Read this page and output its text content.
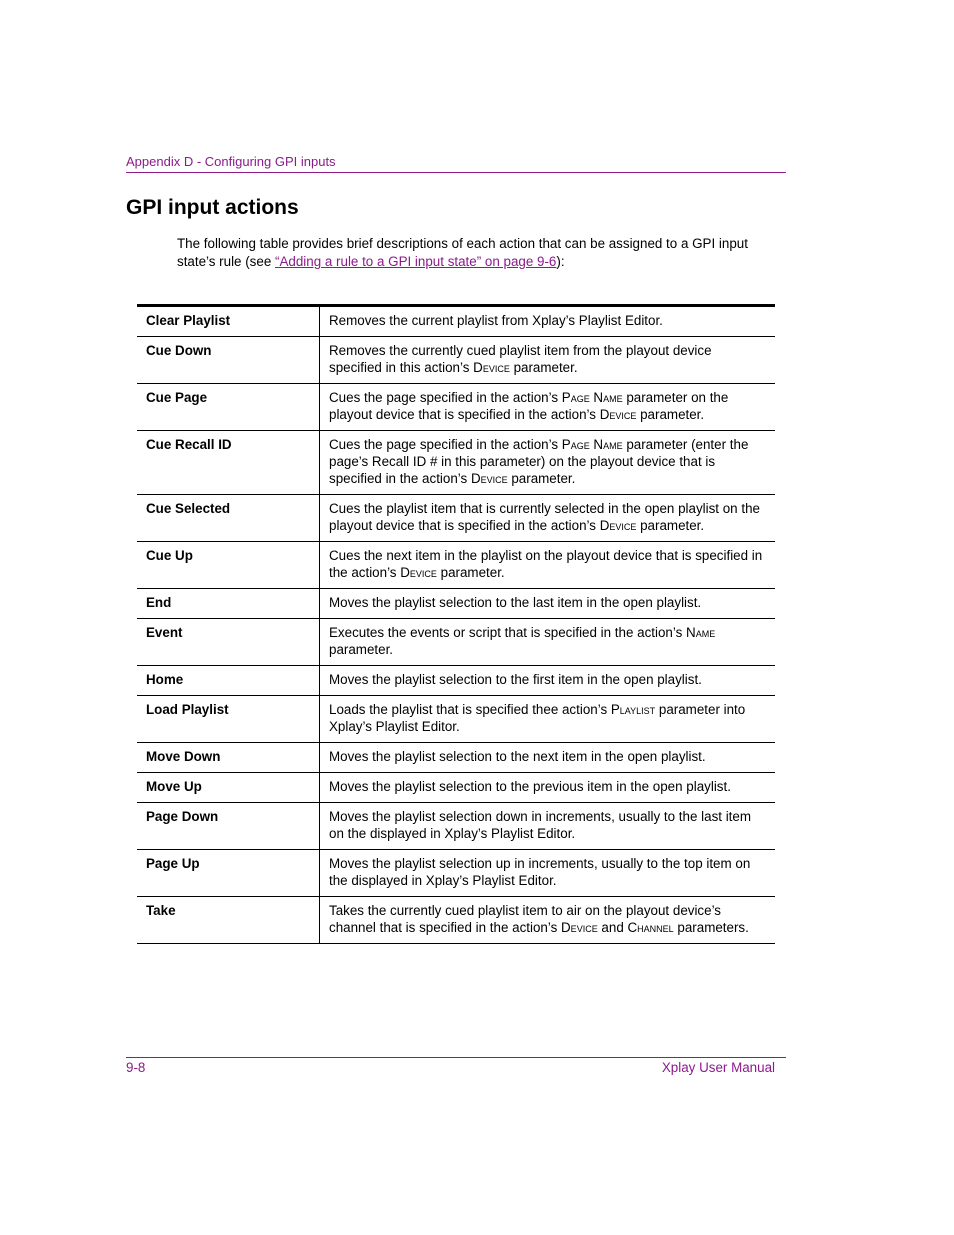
Appendix D - Configuring GPI inputs
GPI input actions

The following table provides brief descriptions of each action that can be assigned to a GPI input state’s rule (see “Adding a rule to a GPI input state” on page 9-6):

Clear Playlist	Removes the current playlist from Xplay’s Playlist Editor.
Cue Down	Removes the currently cued playlist item from the playout device specified in this action’s Device parameter.
Cue Page	Cues the page specified in the action’s Page Name parameter on the playout device that is specified in the action’s Device parameter.
Cue Recall ID	Cues the page specified in the action’s Page Name parameter (enter the page’s Recall ID # in this parameter) on the playout device that is specified in the action’s Device parameter.
Cue Selected	Cues the playlist item that is currently selected in the open playlist on the playout device that is specified in the action’s Device parameter.
Cue Up	Cues the next item in the playlist on the playout device that is specified in the action’s Device parameter.
End	Moves the playlist selection to the last item in the open playlist.
Event	Executes the events or script that is specified in the action’s Name parameter.
Home	Moves the playlist selection to the first item in the open playlist.
Load Playlist	Loads the playlist that is specified thee action’s Playlist parameter into Xplay’s Playlist Editor.
Move Down	Moves the playlist selection to the next item in the open playlist.
Move Up	Moves the playlist selection to the previous item in the open playlist.
Page Down	Moves the playlist selection down in increments, usually to the last item on the displayed in Xplay’s Playlist Editor.
Page Up	Moves the playlist selection up in increments, usually to the top item on the displayed in Xplay’s Playlist Editor.
Take	Takes the currently cued playlist item to air on the playout device’s channel that is specified in the action’s Device and Channel parameters.
9-8	Xplay User Manual
